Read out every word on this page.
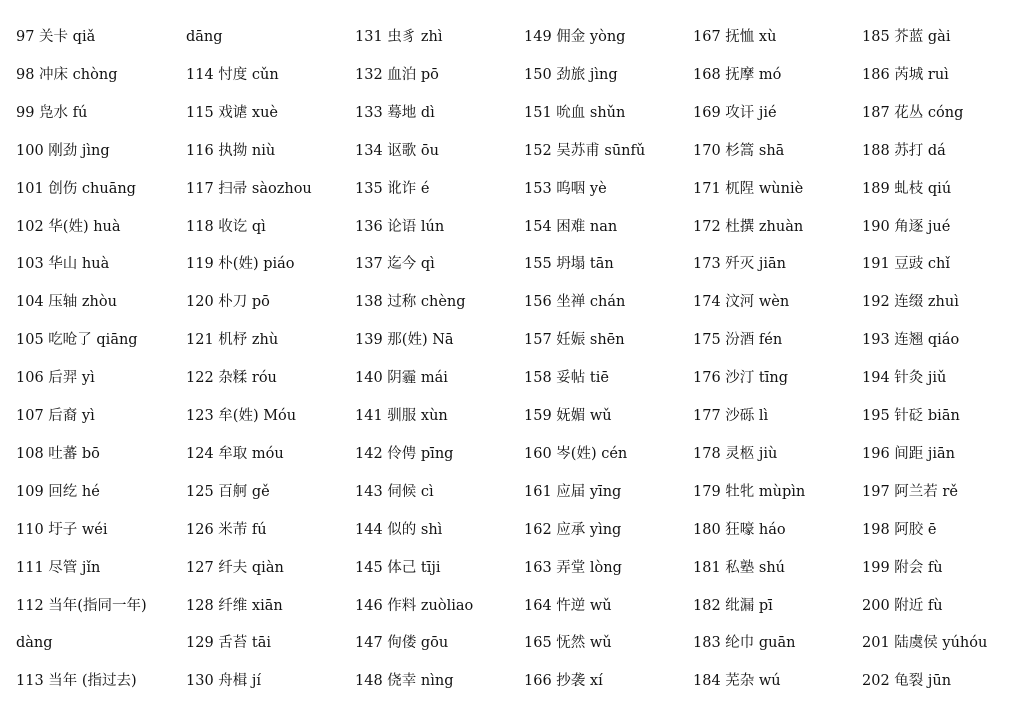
97 关卡 qiǎ
98 冲床 chòng
99 凫水 fú
100 刚劲 jìng
101 创伤 chuāng
102 华(姓) huà
103 华山 huà
104 压轴 zhòu
105 吃呛了 qiāng
106 后羿 yì
107 后裔 yì
108 吐蕃 bō
109 回纥 hé
110 圩子 wéi
111 尽管 jǐn
112 当年(指同一年)
dàng
113 当年 (指过去)
dāng
114 忖度 cǔn
115 戏谑 xuè
116 执拗 niù
117 扫帚 sàozhou
118 收讫 qì
119 朴(姓) piáo
120 朴刀 pō
121 机杼 zhù
122 杂糅 róu
123 牟(姓) Móu
124 牟取 móu
125 百舸 gě
126 米芾 fú
127 纤夫 qiàn
128 纤维 xiān
129 舌苔 tāi
130 舟楫 jí
131 虫豸 zhì
132 血泊 pō
133 蓦地 dì
134 讴歌 ōu
135 讹诈 é
136 论语 lún
137 迄今 qì
138 过称 chèng
139 那(姓) Nā
140 阴霾 mái
141 驯服 xùn
142 伶俜 pīng
143 伺候 cì
144 似的 shì
145 体己 tīji
146 作料 zuòliao
147 佝偻 gōu
148 侥幸 nìng
149 佣金 yòng
150 劲旅 jìng
151 吮血 shǔn
152 吴苏甫 sūnfǔ
153 呜咽 yè
154 困难 nan
155 坍塌 tān
156 坐禅 chán
157 妊娠 shēn
158 妥帖 tiē
159 妩媚 wǔ
160 岑(姓) cén
161 应届 yīng
162 应承 yìng
163 弄堂 lòng
164 忤逆 wǔ
165 怃然 wǔ
166 抄袭 xí
167 抚恤 xù
168 抚摩 mó
169 攻讦 jié
170 杉篙 shā
171 杌陧 wùniè
172 杜撰 zhuàn
173 歼灭 jiān
174 汶河 wèn
175 汾酒 fén
176 沙汀 tīng
177 沙砾 lì
178 灵柩 jiù
179 牡牝 mùpìn
180 狂嚎 háo
181 私塾 shú
182 纰漏 pī
183 纶巾 guān
184 芜杂 wú
185 芥蓝 gài
186 芮城 ruì
187 花丛 cóng
188 苏打 dá
189 虬枝 qiú
190 角逐 jué
191 豆豉 chǐ
192 连缀 zhuì
193 连翘 qiáo
194 针灸 jiǔ
195 针砭 biān
196 间距 jiān
197 阿兰若 rě
198 阿胶 ē
199 附会 fù
200 附近 fù
201 陆虞侯 yúhóu
202 龟裂 jūn
